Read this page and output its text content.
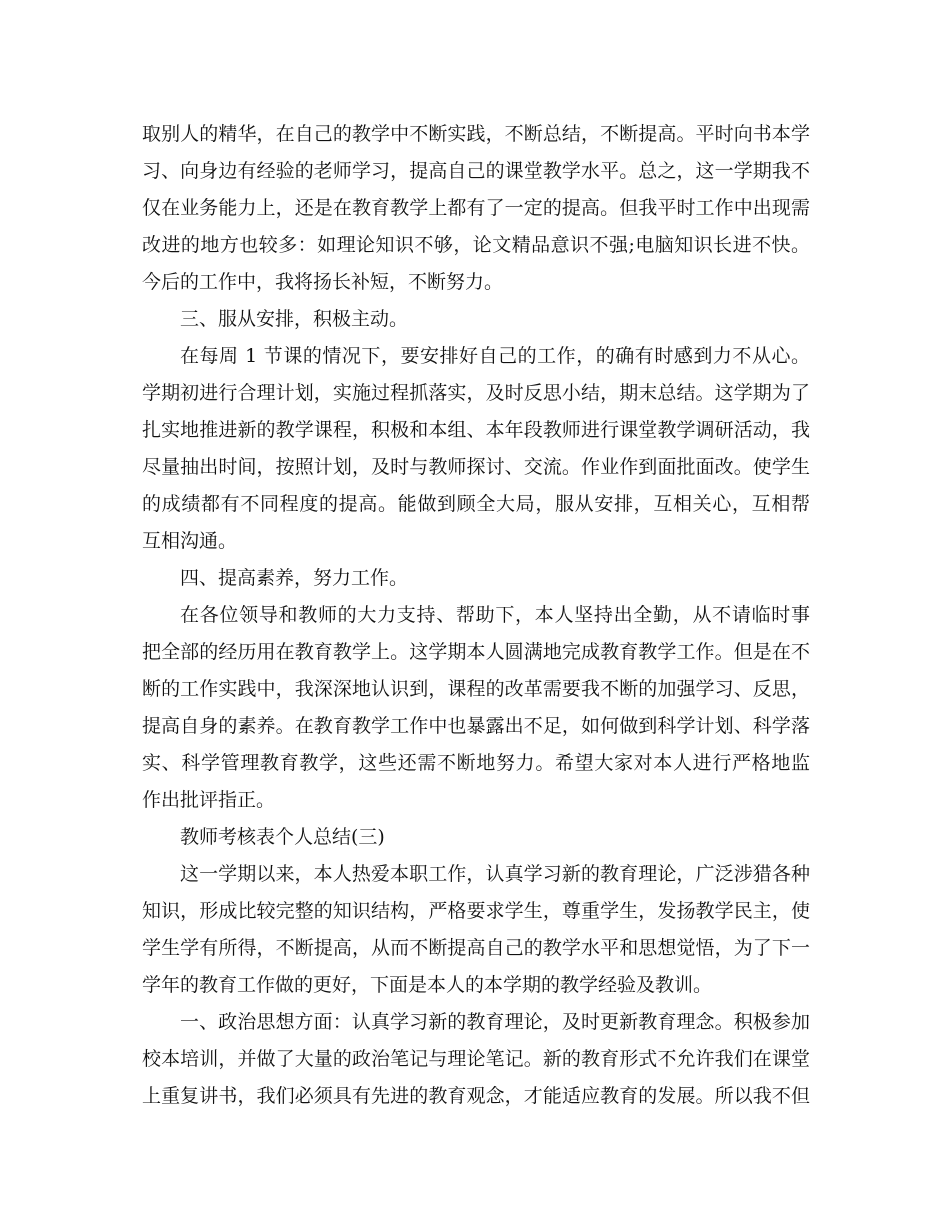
取别人的精华，在自己的教学中不断实践，不断总结，不断提高。平时向书本学
习、向身边有经验的老师学习，提高自己的课堂教学水平。总之，这一学期我不
仅在业务能力上，还是在教育教学上都有了一定的提高。但我平时工作中出现需
改进的地方也较多：如理论知识不够，论文精品意识不强;电脑知识长进不快。
今后的工作中，我将扬长补短，不断努力。
三、服从安排，积极主动。
在每周 1 节课的情况下，要安排好自己的工作，的确有时感到力不从心。
学期初进行合理计划，实施过程抓落实，及时反思小结，期末总结。这学期为了
扎实地推进新的教学课程，积极和本组、本年段教师进行课堂教学调研活动，我
尽量抽出时间，按照计划，及时与教师探讨、交流。作业作到面批面改。使学生
的成绩都有不同程度的提高。能做到顾全大局，服从安排，互相关心，互相帮
互相沟通。
四、提高素养，努力工作。
在各位领导和教师的大力支持、帮助下，本人坚持出全勤，从不请临时事
把全部的经历用在教育教学上。这学期本人圆满地完成教育教学工作。但是在不
断的工作实践中，我深深地认识到，课程的改革需要我不断的加强学习、反思，
提高自身的素养。在教育教学工作中也暴露出不足，如何做到科学计划、科学落
实、科学管理教育教学，这些还需不断地努力。希望大家对本人进行严格地监
作出批评指正。
教师考核表个人总结(三)
这一学期以来，本人热爱本职工作，认真学习新的教育理论，广泛涉猎各种
知识，形成比较完整的知识结构，严格要求学生，尊重学生，发扬教学民主，使
学生学有所得，不断提高，从而不断提高自己的教学水平和思想觉悟，为了下一
学年的教育工作做的更好，下面是本人的本学期的教学经验及教训。
一、政治思想方面：认真学习新的教育理论，及时更新教育理念。积极参加
校本培训，并做了大量的政治笔记与理论笔记。新的教育形式不允许我们在课堂
上重复讲书，我们必须具有先进的教育观念，才能适应教育的发展。所以我不但
